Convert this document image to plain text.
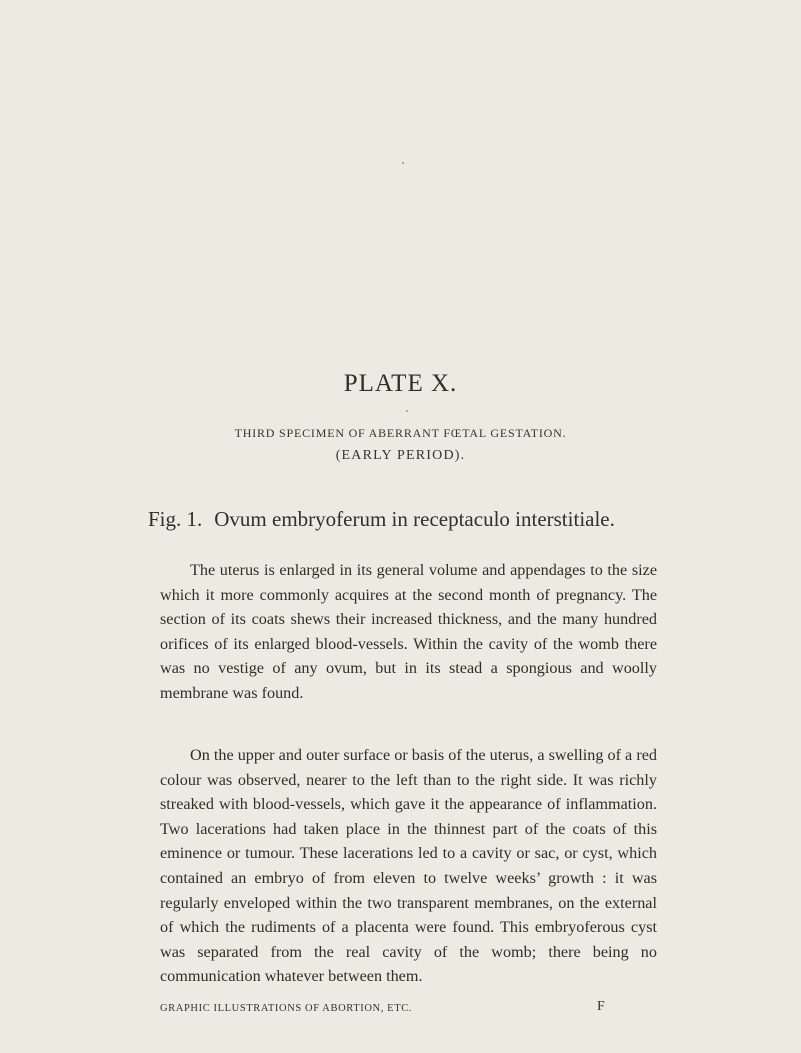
PLATE X.
THIRD SPECIMEN OF ABERRANT FŒTAL GESTATION.
(EARLY PERIOD).
Fig. 1. Ovum embryoferum in receptaculo interstitiale.

The uterus is enlarged in its general volume and appendages to the size which it more commonly acquires at the second month of pregnancy. The section of its coats shews their increased thickness, and the many hundred orifices of its enlarged blood-vessels. Within the cavity of the womb there was no vestige of any ovum, but in its stead a spongious and woolly membrane was found.

On the upper and outer surface or basis of the uterus, a swelling of a red colour was observed, nearer to the left than to the right side. It was richly streaked with blood-vessels, which gave it the appearance of inflammation. Two lacerations had taken place in the thinnest part of the coats of this eminence or tumour. These lacerations led to a cavity or sac, or cyst, which contained an embryo of from eleven to twelve weeks’ growth : it was regularly enveloped within the two transparent membranes, on the external of which the rudiments of a placenta were found. This embryoferous cyst was separated from the real cavity of the womb; there being no communication whatever between them.

GRAPHIC ILLUSTRATIONS OF ABORTION, ETC.	F
